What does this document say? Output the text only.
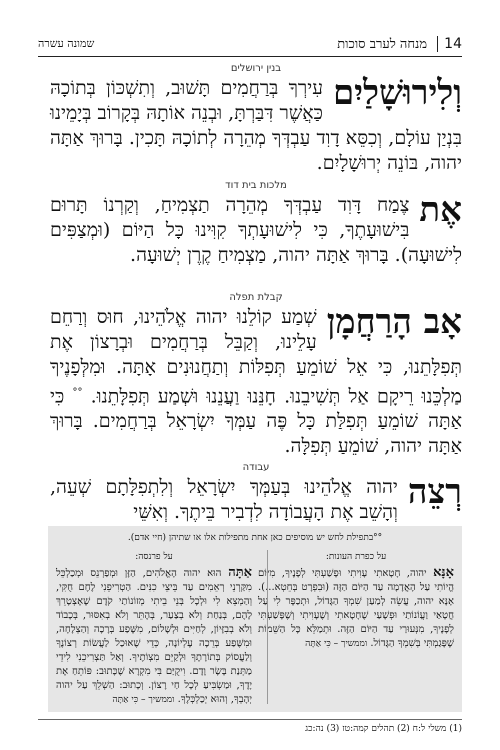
14 מנחה לערב סוכות
שמונה עשרה
בנין ירושלים

וְלִירוּשָׁלַיִם
עִירְךָ בְּרַחֲמִים תָּשׁוּב, וְתִשְׁכּוֹן בְּתוֹכָהּ כַּאֲשֶׁר דִּבַּרְתָּ, וּבְנֵה אוֹתָהּ בְּקָרוֹב בְּיָמֵינוּ בִּנְיַן עוֹלָם, וְכִסֵּא דָוִד עַבְדְּךָ מְהֵרָה לְתוֹכָהּ תָּכִין. בָּרוּךְ אַתָּה יהוה, בּוֹנֵה יְרוּשָׁלָיִם.

מלכות בית דוד

אֶת
צֶמַח דָּוִד עַבְדְּךָ מְהֵרָה תַצְמִיחַ, וְקַרְנוֹ תָּרוּם בִּישׁוּעָתֶךָ, כִּי לִישׁוּעָתְךָ קִוִּינוּ כָּל הַיּוֹם (וּמְצַפִּים לִישׁוּעָה). בָּרוּךְ אַתָּה יהוה, מַצְמִיחַ קֶרֶן יְשׁוּעָה.

קבלת תפלה

אָב הָרַחֲמָן
שְׁמַע קוֹלֵנוּ יהוה אֱלֹהֵינוּ, חוּס וְרַחֵם עָלֵינוּ, וְקַבֵּל בְּרַחֲמִים וּבְרָצוֹן אֶת תְּפִלָּתֵנוּ, כִּי אֵל שׁוֹמֵעַ תְּפִלּוֹת וְתַחֲנוּנִים אָתָּה. וּמִלְּפָנֶיךָ מַלְכֵּנוּ רֵיקָם אַל תְּשִׁיבֵנוּ. חָנֵּנוּ וַעֲנֵנוּ וּשְׁמַע תְּפִלָּתֵנוּ. °° כִּי אַתָּה שׁוֹמֵעַ תְּפִלַּת כָּל פֶּה עַמְּךָ יִשְׂרָאֵל בְּרַחֲמִים. בָּרוּךְ אַתָּה יהוה, שׁוֹמֵעַ תְּפִלָּה.

עבודה

רְצֵה
יהוה אֱלֹהֵינוּ בְּעַמְּךָ יִשְׂרָאֵל וְלִתְפִלָּתָם שְׁעֵה, וְהָשֵׁב אֶת הָעֲבוֹדָה לִדְבִיר בֵּיתֶךָ. וְאִשֵּׁי

°°בתפילת לחש יש מוסיפים כאן אחת מתפילות אלו או שתיהן (חיי אדם).
על כפרת העונות:
אָנָּא יהוה, חָטָאתִי עָוִיתִי וּפָשַׁעְתִּי לְפָנֶיךָ, מִיּוֹם הֱיוֹתִי עַל הָאֲדָמָה עַד הַיּוֹם הַזֶּה (וּבִפְרָט בְּחֵטְא...). אָנָּא יהוה, עֲשֵׂה לְמַעַן שִׁמְךָ הַגָּדוֹל, וּתְכַפֶּר לִי עַל חֲטָאַי וַעֲוֹנוֹתַי וּפְשָׁעַי שֶׁחָטָאתִי וְשֶׁעָוִיתִי וְשֶׁפָּשַׁעְתִּי לְפָנֶיךָ, מִנְּעוּרַי עַד הַיּוֹם הַזֶּה. וּתְמַלֵּא כָּל הַשֵּׁמוֹת שֶׁפָּגַמְתִּי בְּשִׁמְךָ הַגָּדוֹל. וממשיך – כִּי אַתָּה
על פרנסה:
אַתָּה הוּא יהוה הָאֱלֹהִים, הַזָּן וּמְפַרְנֵס וּמְכַלְכֵּל מִקַּרְנֵי רְאֵמִים עַד בֵּיצֵי כִנִּים. הַטְרִיפֵנִי לֶחֶם חֻקִּי, וְהַמְצֵא לִי וּלְכָל בְּנֵי בֵיתִי מְזוֹנוֹתַי קֹדֶם שֶׁאֶצְטָרֵךְ לָהֶם, בְּנַחַת וְלֹא בְצַעַר, בְּהֶתֵּר וְלֹא בְאִסּוּר, בְּכָבוֹד וְלֹא בְבִזָּיוֹן, לְחַיִּים וּלְשָׁלוֹם, מִשֶּׁפַע בְּרָכָה וְהַצְלָחָה, וּמִשֶּׁפַע בְּרֵכָה עֶלְיוֹנָה, כְּדֵי שֶׁאוּכַל לַעֲשׂוֹת רְצוֹנֶךָ וְלַעֲסוֹק בְּתוֹרָתֶךָ וּלְקַיֵּם מִצְוֹתֶיךָ. וְאַל תַּצְרִיכֵנִי לִידֵי מַתְּנַת בָּשָׂר וָדָם. וִיקֻיַּם בִּי מִקְרָא שֶׁכָּתוּב: פּוֹתֵחַ אֶת יָדֶךָ, וּמַשְׂבִּיעַ לְכָל חַי רָצוֹן. וְכָתוּב: הַשְׁלֵךְ עַל יהוה יְהָבְךָ, וְהוּא יְכַלְכְּלֶךָ. וממשיך – כִּי אַתָּה
(1) משלי ל:ח (2) תהלים קמה:טז (3) נה:כג
